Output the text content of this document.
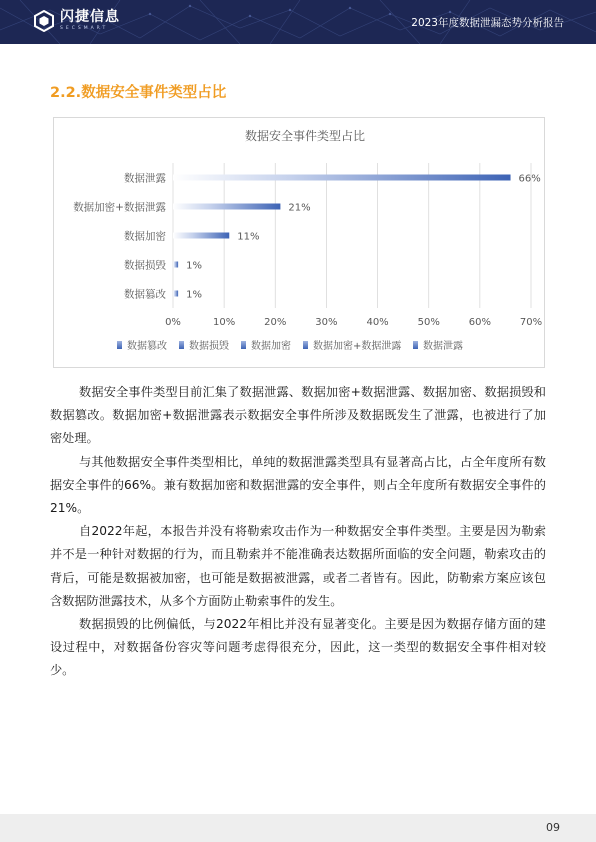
闪捷信息
SECSMART	2023年度数据泄漏态势分析报告
2.2.数据安全事件类型占比
数据安全事件类型占比
66%
21%
11%
1%
1%
数据泄露
数据加密+数据泄露
数据加密
数据损毁
数据篡改
0%	10%	20%	30%	40%	50%	60%	70%
数据篡改 数据损毁 数据加密 数据加密+数据泄露 数据泄露

数据安全事件类型目前汇集了数据泄露、数据加密+数据泄露、数据加密、数据损毁和数据篡改。数据加密+数据泄露表示数据安全事件所涉及数据既发生了泄露，也被进行了加密处理。

与其他数据安全事件类型相比，单纯的数据泄露类型具有显著高占比，占全年度所有数据安全事件的66%。兼有数据加密和数据泄露的安全事件，则占全年度所有数据安全事件的21%。

自2022年起，本报告并没有将勒索攻击作为一种数据安全事件类型。主要是因为勒索并不是一种针对数据的行为，而且勒索并不能准确表达数据所面临的安全问题，勒索攻击的背后，可能是数据被加密，也可能是数据被泄露，或者二者皆有。因此，防勒索方案应该包含数据防泄露技术，从多个方面防止勒索事件的发生。

数据损毁的比例偏低，与2022年相比并没有显著变化。主要是因为数据存储方面的建设过程中，对数据备份容灾等问题考虑得很充分，因此，这一类型的数据安全事件相对较少。

09
